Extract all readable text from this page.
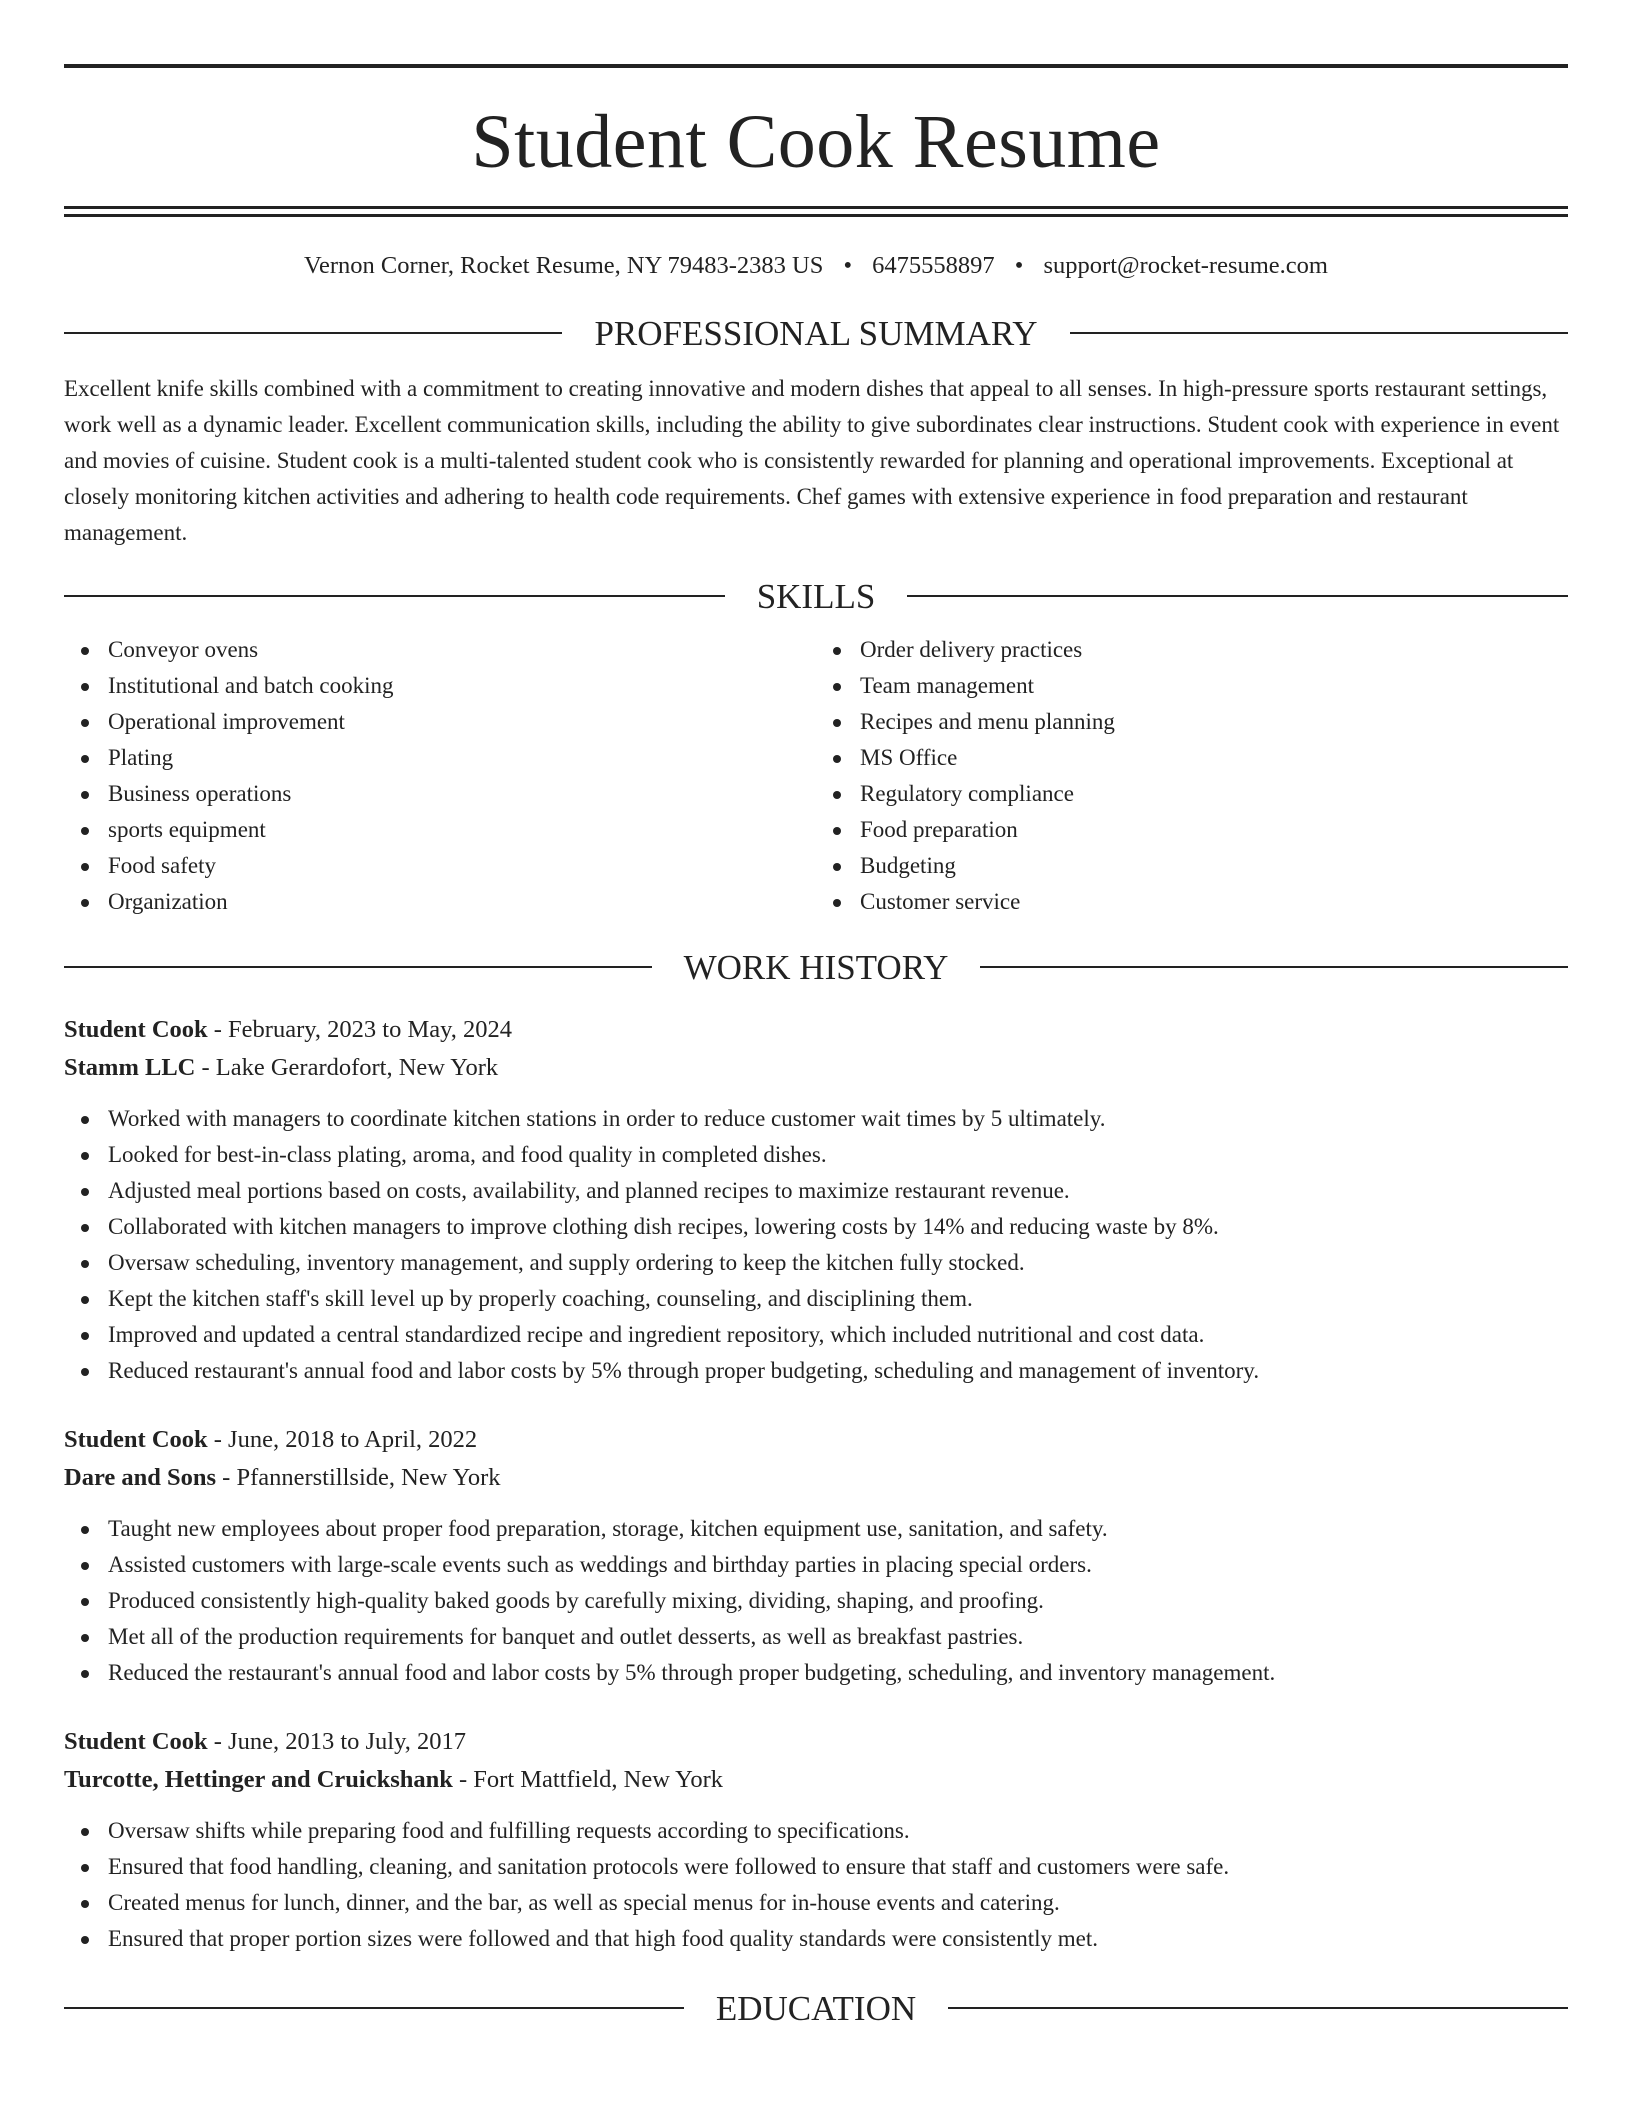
Student Cook Resume
Vernon Corner, Rocket Resume, NY 79483-2383 US • 6475558897 • support@rocket-resume.com
PROFESSIONAL SUMMARY

Excellent knife skills combined with a commitment to creating innovative and modern dishes that appeal to all senses. In high-pressure sports restaurant settings, work well as a dynamic leader. Excellent communication skills, including the ability to give subordinates clear instructions. Student cook with experience in event and movies of cuisine. Student cook is a multi-talented student cook who is consistently rewarded for planning and operational improvements. Exceptional at closely monitoring kitchen activities and adhering to health code requirements. Chef games with extensive experience in food preparation and restaurant management.

SKILLS
Conveyor ovens
Institutional and batch cooking
Operational improvement
Plating
Business operations
sports equipment
Food safety
Organization
Order delivery practices
Team management
Recipes and menu planning
MS Office
Regulatory compliance
Food preparation
Budgeting
Customer service
WORK HISTORY
Student Cook - February, 2023 to May, 2024
Stamm LLC - Lake Gerardofort, New York
Worked with managers to coordinate kitchen stations in order to reduce customer wait times by 5 ultimately.
Looked for best-in-class plating, aroma, and food quality in completed dishes.
Adjusted meal portions based on costs, availability, and planned recipes to maximize restaurant revenue.
Collaborated with kitchen managers to improve clothing dish recipes, lowering costs by 14% and reducing waste by 8%.
Oversaw scheduling, inventory management, and supply ordering to keep the kitchen fully stocked.
Kept the kitchen staff's skill level up by properly coaching, counseling, and disciplining them.
Improved and updated a central standardized recipe and ingredient repository, which included nutritional and cost data.
Reduced restaurant's annual food and labor costs by 5% through proper budgeting, scheduling and management of inventory.
Student Cook - June, 2018 to April, 2022
Dare and Sons - Pfannerstillside, New York
Taught new employees about proper food preparation, storage, kitchen equipment use, sanitation, and safety.
Assisted customers with large-scale events such as weddings and birthday parties in placing special orders.
Produced consistently high-quality baked goods by carefully mixing, dividing, shaping, and proofing.
Met all of the production requirements for banquet and outlet desserts, as well as breakfast pastries.
Reduced the restaurant's annual food and labor costs by 5% through proper budgeting, scheduling, and inventory management.
Student Cook - June, 2013 to July, 2017
Turcotte, Hettinger and Cruickshank - Fort Mattfield, New York
Oversaw shifts while preparing food and fulfilling requests according to specifications.
Ensured that food handling, cleaning, and sanitation protocols were followed to ensure that staff and customers were safe.
Created menus for lunch, dinner, and the bar, as well as special menus for in-house events and catering.
Ensured that proper portion sizes were followed and that high food quality standards were consistently met.
EDUCATION
